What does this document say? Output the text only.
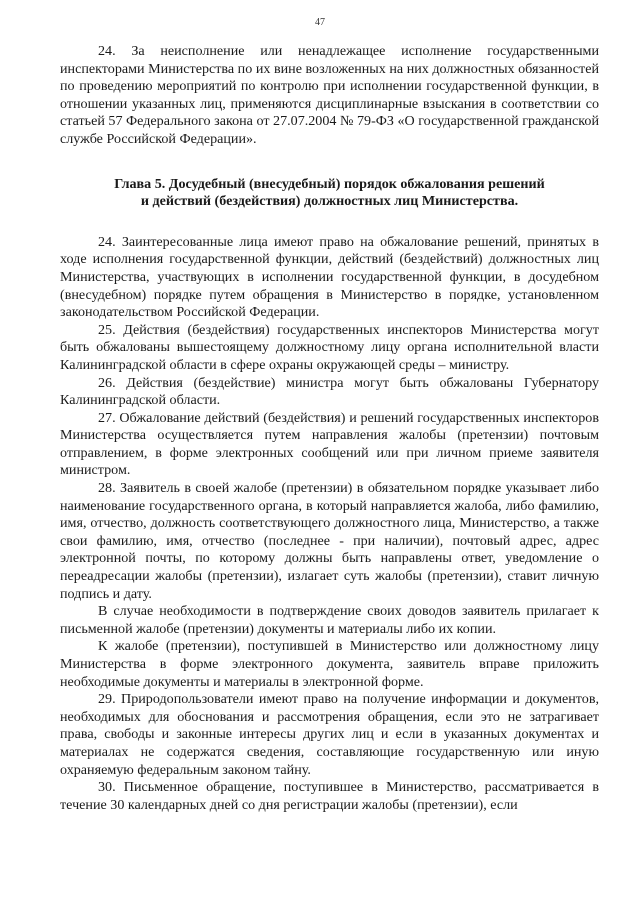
47

24. За неисполнение или ненадлежащее исполнение государственными инспекторами Министерства по их вине возложенных на них должностных обязанностей по проведению мероприятий по контролю при исполнении государственной функции, в отношении указанных лиц, применяются дисциплинарные взыскания в соответствии со статьей 57 Федерального закона от 27.07.2004 № 79-ФЗ «О государственной гражданской службе Российской Федерации».

Глава 5. Досудебный (внесудебный) порядок обжалования решений
и действий (бездействия) должностных лиц Министерства.

24. Заинтересованные лица имеют право на обжалование решений, принятых в ходе исполнения государственной функции, действий (бездействий) должностных лиц Министерства, участвующих в исполнении государственной функции, в досудебном (внесудебном) порядке путем обращения в Министерство в порядке, установленном законодательством Российской Федерации.

25. Действия (бездействия) государственных инспекторов Министерства могут быть обжалованы вышестоящему должностному лицу органа исполнительной власти Калининградской области в сфере охраны окружающей среды – министру.

26. Действия (бездействие) министра могут быть обжалованы Губернатору Калининградской области.

27. Обжалование действий (бездействия) и решений государственных инспекторов Министерства осуществляется путем направления жалобы (претензии) почтовым отправлением, в форме электронных сообщений или при личном приеме заявителя министром.

28. Заявитель в своей жалобе (претензии) в обязательном порядке указывает либо наименование государственного органа, в который направляется жалоба, либо фамилию, имя, отчество, должность соответствующего должностного лица, Министерство, а также свои фамилию, имя, отчество (последнее - при наличии), почтовый адрес, адрес электронной почты, по которому должны быть направлены ответ, уведомление о переадресации жалобы (претензии), излагает суть жалобы (претензии), ставит личную подпись и дату.

В случае необходимости в подтверждение своих доводов заявитель прилагает к письменной жалобе (претензии) документы и материалы либо их копии.

К жалобе (претензии), поступившей в Министерство или должностному лицу Министерства в форме электронного документа, заявитель вправе приложить необходимые документы и материалы в электронной форме.

29. Природопользователи имеют право на получение информации и документов, необходимых для обоснования и рассмотрения обращения, если это не затрагивает права, свободы и законные интересы других лиц и если в указанных документах и материалах не содержатся сведения, составляющие государственную или иную охраняемую федеральным законом тайну.

30. Письменное обращение, поступившее в Министерство, рассматривается в течение 30 календарных дней со дня регистрации жалобы (претензии), если
